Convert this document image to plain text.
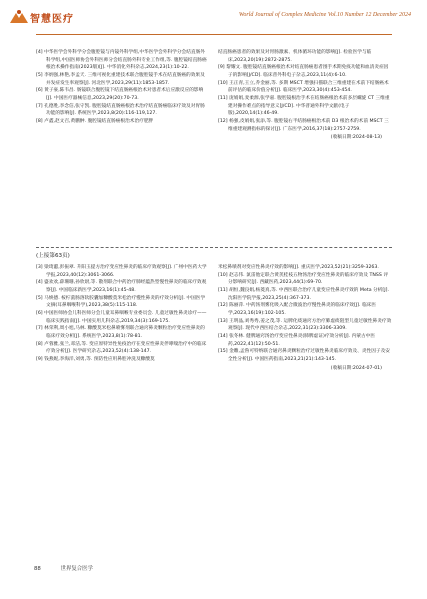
智慧医疗	World Journal of Complex Medicine Vol.10 Number 12 December 2024

[4] 中华医学会外科学分会腹腔镜与内镜外科学组,中华医学会外科学分会结直肠外科学组,中国医师协会外科医师分会结直肠外科专业工作组,等. 腹腔镜结直肠癌根治术操作指南(2023版)[J]. 中华消化外科杂志,2024,23(1):10-22.

[5] 李炳强,林艳,李孟天. 三维可视化重建技术联合腹腔镜手术在结直肠癌的效果及并发症发生率观察[J]. 河北医学,2023,29(11):1853-1857.

[6] 黄子豪,陈韦昌. 肠镜联合腹腔镜下结直肠癌根治术对患者术后应激反应的影响[J]. 中国医疗器械信息,2023,29(20):70-73.

[7] 孔德胜,李念信,张守凯. 腹腔镜结直肠癌根治术治疗结直肠癌临床疗效及对胃肠功能的影响[J]. 系统医学,2023,8(20):116-119,127.

[8] 卢鑫,赵文召,黄鹏翀. 腹腔镜结直肠癌根治术治疗肥胖

结直肠癌患者的效果及对胃肠激素、机体循环功能的影响[J]. 检验医学与临床,2023,20(19):2872-2875.

[9] 黎耀文. 腹腔镜结直肠癌根治术对结直肠癌患者围手术期免疫功能和血清炎症因子的影响[J/CD]. 临床普外科电子杂志,2023,11(4):6-10.

[10] 王正青,王立,乔金丽,等. 多期 MSCT 增强扫描联合三维重建在术前下结肠癌术前评估的临床价值分析[J]. 临床医学,2023,30(4):453-454.

[11] 庞娟娟,麦柔源,张学嘉. 腹腔镜根治手术在结肠癌根治术前多层螺旋 CT 三维重建对操作难点的指导意义[J/CD]. 中华普通外科学文献(电子版),2020,14(1):46-49.

[12] 杨强,皮娟娟,张添,等. 腹腔镜右半结肠癌根治术前 D3 根治术的术前 MSCT 三维重建观测指标的探讨[J]. 广东医学,2016,37(18):2757-2759.

(收稿日期:2024-08-13)

(上接第63页)

[3] 梁琦蕙,彭振翠. 升阳玉提方治疗变应性鼻炎的临床疗效观察[J]. 广州中医药大学学报,2023,40(12):3061-3066.

[4] 盛欢欢,薛珊珊,孙欣尉,等. 散剂联合中药治疗肺经蕴热型慢性鼻炎的临床疗效观察[J]. 中国临床新医学,2023,16(1):45-48.

[5] 马焕德. 桉柠蒎肠溶软胶囊加糠酸莫米松治疗慢性鼻炎的疗效分析[J]. 中国医学文摘(耳鼻咽喉科学),2023,38(5):115-118.

[6] 中国医师协会儿科医师分会儿童耳鼻咽喉专业委员会. 儿童过敏性鼻炎诊疗——临床实践指南[J]. 中国实用儿科杂志,2019,34(3):169-175.

[7] 林荣利,周小旭,马林. 糠酸莫米松鼻喷雾剂联合通窍鼻炎颗粒治疗变应性鼻炎的临床疗效分析[J]. 系统医学,2023,8(1):78-81.

[8] 卢蓉雅,张兰,邓洁,等. 变应原特异性免疫治疗在变应性鼻炎伴哮喘治疗中的临床疗效分析[J]. 医学研究杂志,2023,52(4):138-147.

[9] 钱燕妮,李海洋,刘勇,等. 预防性应用鼻腔冲洗及糠酸莫

米松鼻喷剂对变应性鼻炎疗效的影响[J]. 重庆医学,2023,52(21):3259-3263.

[10] 赵志伟. 氯雷他定联合黄芪桂枝五物汤治疗变应性鼻炎的临床疗效及 TNSS 评分影响研究[J]. 西藏医药,2023,44(1):69-70.

[11] 胡恒,魏良娟,杨菱真,等. 中西医联合治疗儿童变应性鼻炎疗效的 Meta 分析[J]. 沈阳医学院学报,2023,25(4):367-373.

[12] 陈丽萍. 中药汤剂雾化吸入配合微波治疗慢性鼻炎的临床疗效[J]. 临床医学,2023,16(19):102-105.

[13] 王明晶,刘秀秀,姜之茂,等. 运脾化痰通窍方治疗肺虚痰阻型儿童过敏性鼻炎疗效观察[J]. 现代中西医结合杂志,2022,31(23):3306-3309.

[14] 张冬林. 健脾通窍汤治疗变应性鼻炎(肺脾虚证)疗效分析[J]. 内蒙古中医药,2022,41(12):50-51.

[15] 金雕,孟鲁可特纳联合通窍鼻炎颗粒治疗过敏性鼻炎临床疗效及、炎性因子及安全性分析[J]. 中国医药指南,2023,21(21):143-145.

(收稿日期:2024-07-01)

88	世界复合医学
